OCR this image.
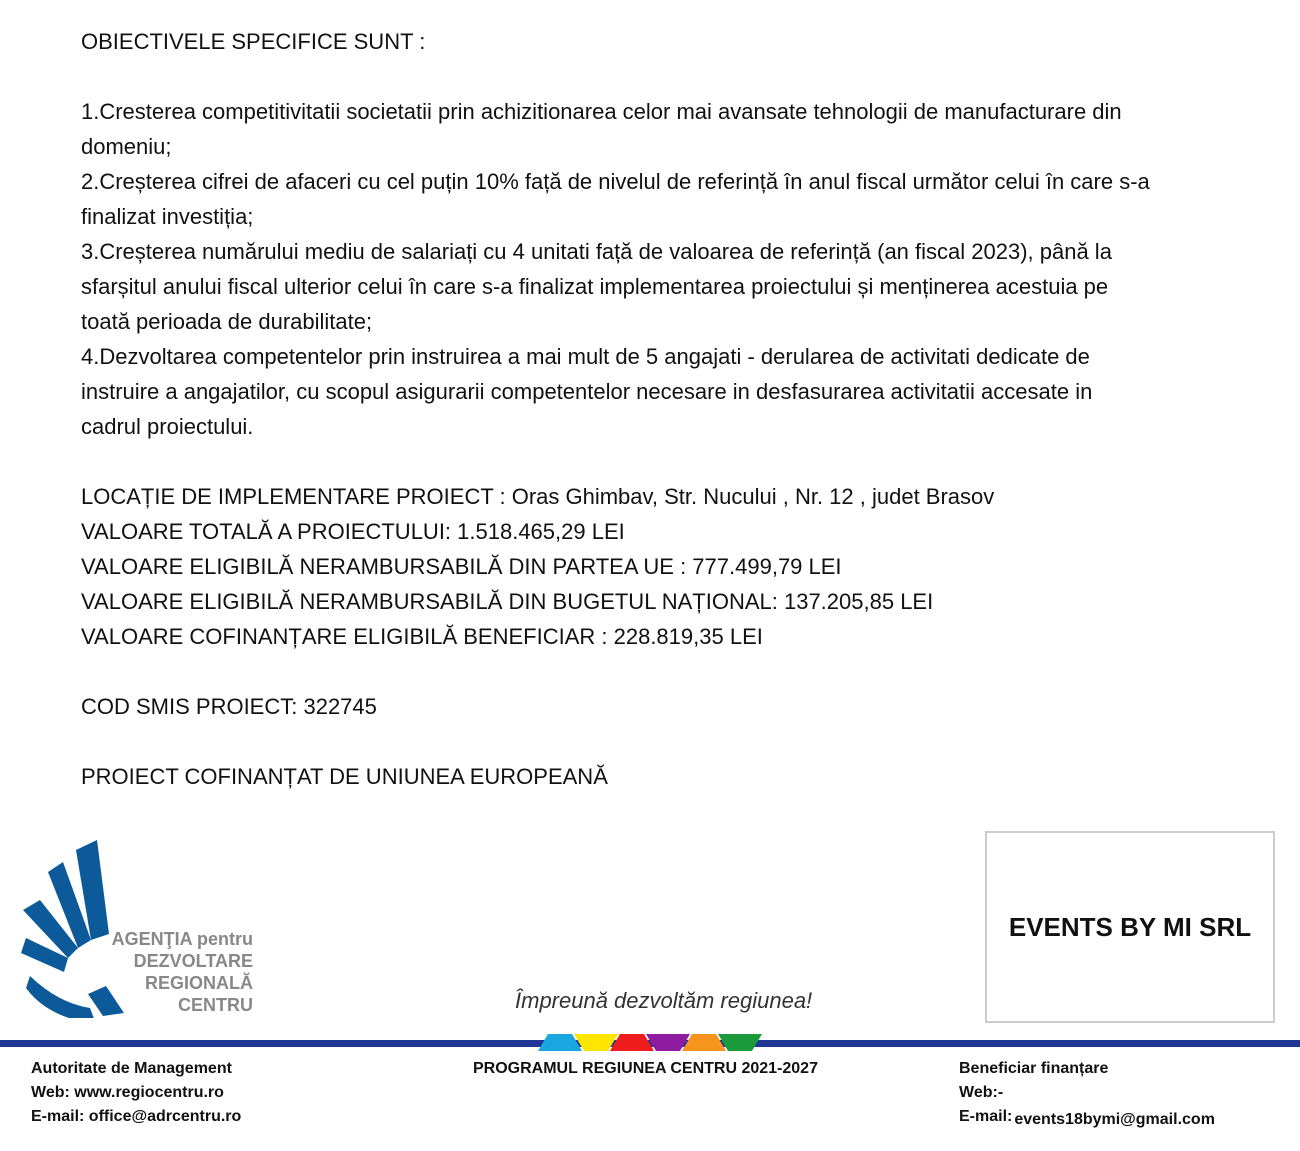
OBIECTIVELE SPECIFICE SUNT :
1.Cresterea competitivitatii societatii prin achizitionarea celor mai avansate tehnologii de manufacturare din
domeniu;
2.Creșterea cifrei de afaceri cu cel puțin 10% față de nivelul de referință în anul fiscal următor celui în care s-a
finalizat investiția;
3.Creșterea numărului mediu de salariați cu 4 unitati față de valoarea de referință (an fiscal 2023), până la
sfarșitul anului fiscal ulterior celui în care s-a finalizat implementarea proiectului și menținerea acestuia pe
toată perioada de durabilitate;
4.Dezvoltarea competentelor prin instruirea a mai mult de 5 angajati - derularea de activitati dedicate de
instruire a angajatilor, cu scopul asigurarii competentelor necesare in desfasurarea activitatii accesate in
cadrul proiectului.
LOCAȚIE DE IMPLEMENTARE PROIECT : Oras Ghimbav, Str. Nucului , Nr. 12 , judet Brasov
VALOARE TOTALĂ A PROIECTULUI: 1.518.465,29 LEI
VALOARE ELIGIBILĂ NERAMBURSABILĂ DIN PARTEA UE : 777.499,79 LEI
VALOARE ELIGIBILĂ NERAMBURSABILĂ DIN BUGETUL NAȚIONAL: 137.205,85 LEI
VALOARE COFINANȚARE ELIGIBILĂ BENEFICIAR : 228.819,35 LEI
COD SMIS PROIECT: 322745
PROIECT COFINANȚAT DE UNIUNEA EUROPEANĂ
AGENŢIA pentru
DEZVOLTARE
REGIONALĂ
CENTRU	Împreună dezvoltăm regiunea!
EVENTS BY MI SRL
Autoritate de Management
Web: www.regiocentru.ro
E-mail: office@adrcentru.ro
PROGRAMUL REGIUNEA CENTRU 2021-2027	Beneficiar finanțare
Web:-
E-mail: events18bymi@gmail.com
